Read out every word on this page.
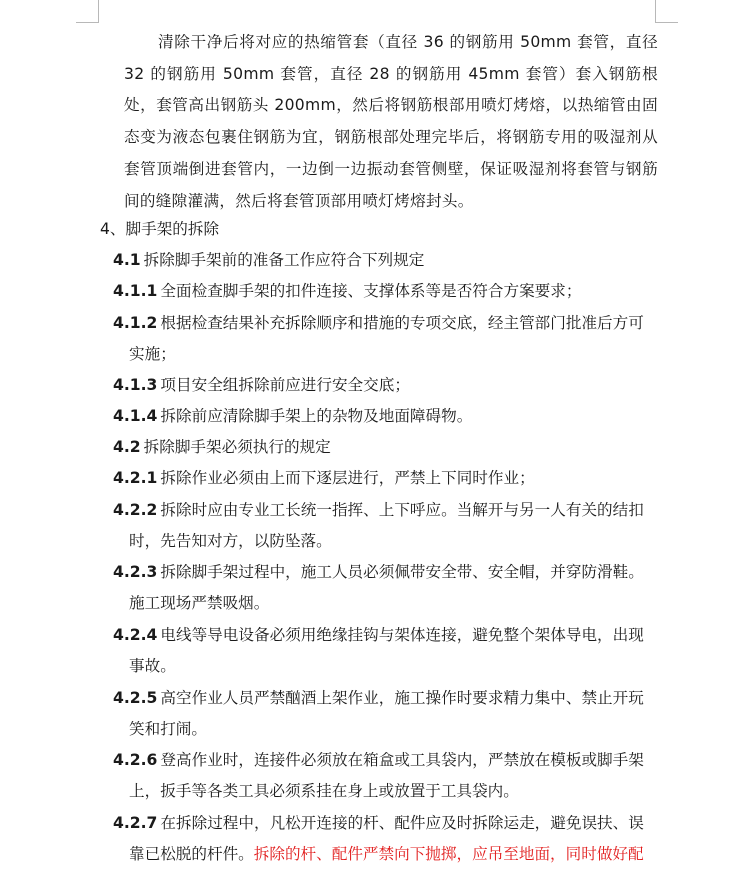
清除干净后将对应的热缩管套（直径 36 的钢筋用 50mm 套管，直径 32 的钢筋用 50mm 套管，直径 28 的钢筋用 45mm 套管）套入钢筋根处，套管高出钢筋头 200mm，然后将钢筋根部用喷灯烤熔，以热缩管由固态变为液态包裹住钢筋为宜，钢筋根部处理完毕后，将钢筋专用的吸湿剂从套管顶端倒进套管内，一边倒一边振动套管侧壁，保证吸湿剂将套管与钢筋间的缝隙灌满，然后将套管顶部用喷灯烤熔封头。

4、脚手架的拆除

4.1 拆除脚手架前的准备工作应符合下列规定

4.1.1 全面检查脚手架的扣件连接、支撑体系等是否符合方案要求；

4.1.2 根据检查结果补充拆除顺序和措施的专项交底，经主管部门批准后方可
实施；

4.1.3 项目安全组拆除前应进行安全交底；

4.1.4 拆除前应清除脚手架上的杂物及地面障碍物。

4.2 拆除脚手架必须执行的规定

4.2.1 拆除作业必须由上而下逐层进行，严禁上下同时作业；

4.2.2 拆除时应由专业工长统一指挥、上下呼应。当解开与另一人有关的结扣
时，先告知对方，以防坠落。

4.2.3 拆除脚手架过程中，施工人员必须佩带安全带、安全帽，并穿防滑鞋。
施工现场严禁吸烟。

4.2.4 电线等导电设备必须用绝缘挂钩与架体连接，避免整个架体导电，出现
事故。

4.2.5 高空作业人员严禁酗酒上架作业，施工操作时要求精力集中、禁止开玩
笑和打闹。

4.2.6 登高作业时，连接件必须放在箱盒或工具袋内，严禁放在模板或脚手架
上，扳手等各类工具必须系挂在身上或放置于工具袋内。

4.2.7 在拆除过程中，凡松开连接的杆、配件应及时拆除运走，避免误扶、误
靠已松脱的杆件。拆除的杆、配件严禁向下抛掷，应吊至地面，同时做好配
